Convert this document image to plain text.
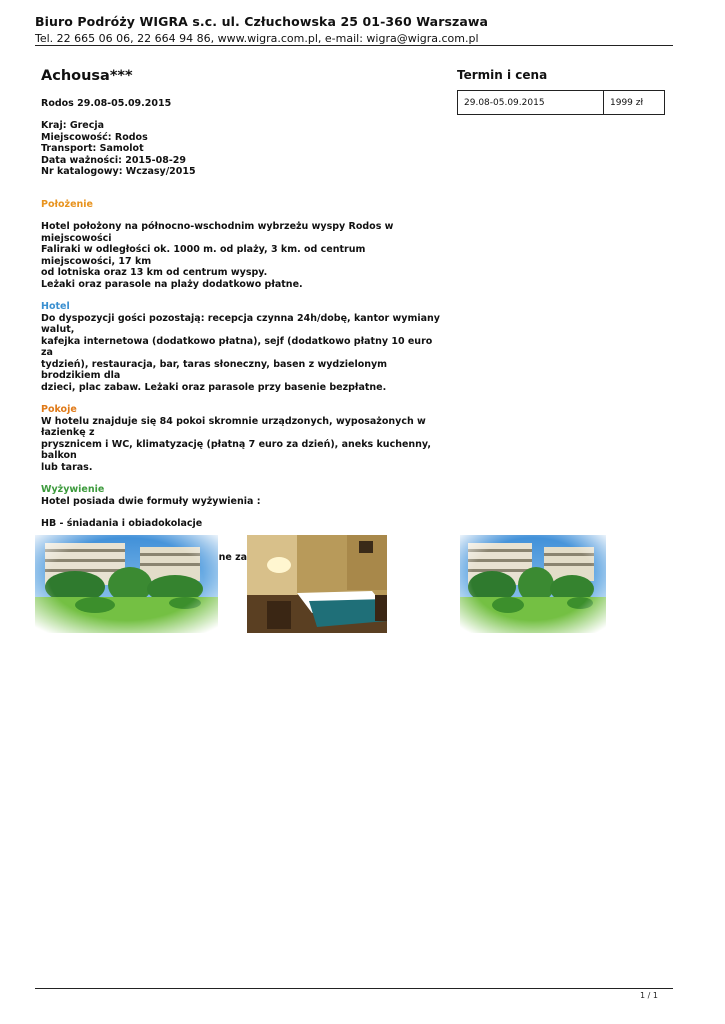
Biuro Podróży WIGRA s.c. ul. Człuchowska 25 01-360 Warszawa
Tel. 22 665 06 06, 22 664 94 86, www.wigra.com.pl, e-mail: wigra@wigra.com.pl
Achousa***
Rodos 29.08-05.09.2015
Kraj: Grecja
Miejscowość: Rodos
Transport: Samolot
Data ważności: 2015-08-29
Nr katalogowy: Wczasy/2015
Położenie
Hotel położony na północno-wschodnim wybrzeżu wyspy Rodos w miejscowości
Faliraki w odległości ok. 1000 m. od plaży, 3 km. od centrum miejscowości, 17 km
od lotniska oraz 13 km od centrum wyspy.
Leżaki oraz parasole na plaży dodatkowo płatne.
Hotel
Do dyspozycji gości pozostają: recepcja czynna 24h/dobę, kantor wymiany walut,
kafejka internetowa (dodatkowo płatna), sejf (dodatkowo płatny 10 euro za
tydzień), restauracja, bar, taras słoneczny, basen z wydzielonym brodzikiem dla
dzieci, plac zabaw. Leżaki oraz parasole przy basenie bezpłatne.
Pokoje
W hotelu znajduje się 84 pokoi skromnie urządzonych, wyposażonych w łazienkę z
prysznicem i WC, klimatyzację (płatną 7 euro za dzień), aneks kuchenny, balkon
lub taras.
Wyżywienie
Hotel posiada dwie formuły wyżywienia :
HB - śniadania i obiadokolacje
za
Termin i cena
29.08-05.09.2015	1999 zł
1 / 1
